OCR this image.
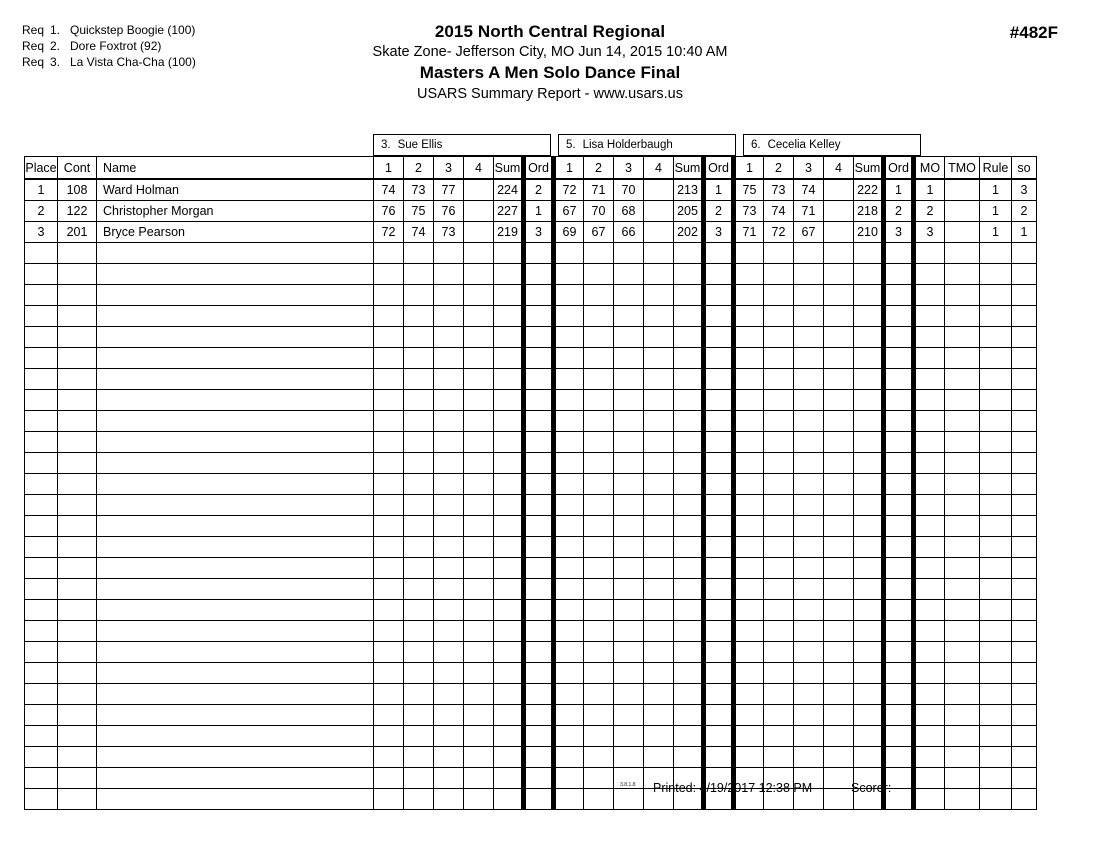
Req 1. Quickstep Boogie (100)
Req 2. Dore Foxtrot (92)
Req 3. La Vista Cha-Cha (100)
2015 North Central Regional
Skate Zone- Jefferson City, MO Jun 14, 2015 10:40 AM
Masters A Men Solo Dance Final
USARS Summary Report - www.usars.us
#482F
3. Sue Ellis	5. Lisa Holderbaugh	6. Cecelia Kelley
Place	Cont	Name	1	2	3	4	Sum	Ord	1	2	3	4	Sum	Ord	1	2	3	4	Sum	Ord	MO	TMO	Rule	so
1	108	Ward Holman	74	73	77		224	2	72	71	70		213	1	75	73	74		222	1	1		1	3
2	122	Christopher Morgan	76	75	76		227	1	67	70	68		205	2	73	74	71		218	2	2		1	2
3	201	Bryce Pearson	72	74	73		219	3	69	67	66		202	3	71	72	67		210	3	3		1	1

3.8.1.8 Printed: 4/19/2017 12:38 PM	Scorer:
